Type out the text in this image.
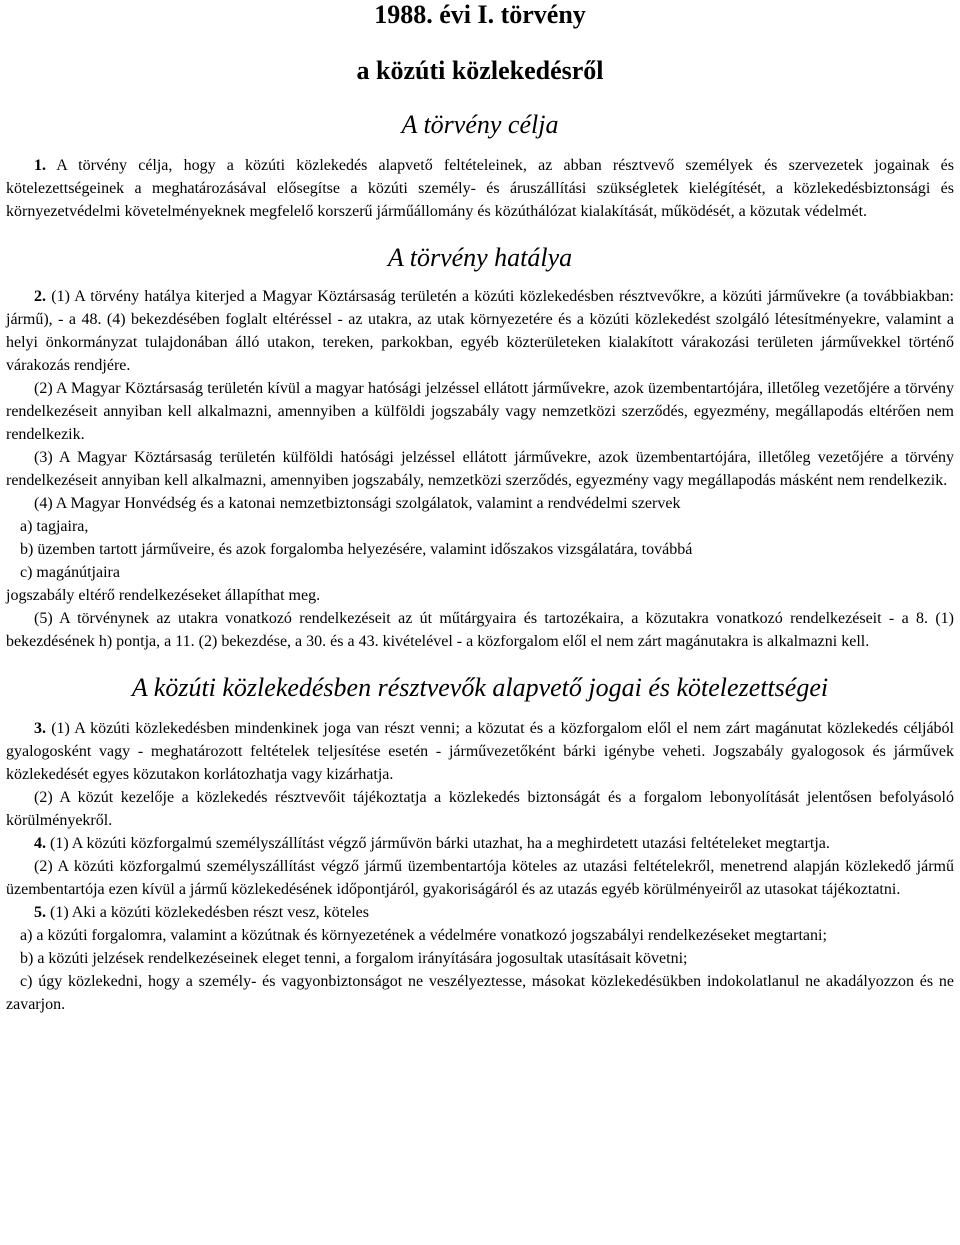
1988. évi I. törvény
a közúti közlekedésről
A törvény célja

1. A törvény célja, hogy a közúti közlekedés alapvető feltételeinek, az abban résztvevő személyek és szervezetek jogainak és kötelezettségeinek a meghatározásával elősegítse a közúti személy- és áruszállítási szükségletek kielégítését, a közlekedésbiztonsági és környezetvédelmi követelményeknek megfelelő korszerű járműállomány és közúthálózat kialakítását, működését, a közutak védelmét.

A törvény hatálya

2. (1) A törvény hatálya kiterjed a Magyar Köztársaság területén a közúti közlekedésben résztvevőkre, a közúti járművekre (a továbbiakban: jármű), - a 48. (4) bekezdésében foglalt eltéréssel - az utakra, az utak környezetére és a közúti közlekedést szolgáló létesítményekre, valamint a helyi önkormányzat tulajdonában álló utakon, tereken, parkokban, egyéb közterületeken kialakított várakozási területen járművekkel történő várakozás rendjére.

(2) A Magyar Köztársaság területén kívül a magyar hatósági jelzéssel ellátott járművekre, azok üzembentartójára, illetőleg vezetőjére a törvény rendelkezéseit annyiban kell alkalmazni, amennyiben a külföldi jogszabály vagy nemzetközi szerződés, egyezmény, megállapodás eltérően nem rendelkezik.

(3) A Magyar Köztársaság területén külföldi hatósági jelzéssel ellátott járművekre, azok üzembentartójára, illetőleg vezetőjére a törvény rendelkezéseit annyiban kell alkalmazni, amennyiben jogszabály, nemzetközi szerződés, egyezmény vagy megállapodás másként nem rendelkezik.

(4) A Magyar Honvédség és a katonai nemzetbiztonsági szolgálatok, valamint a rendvédelmi szervek

a) tagjaira,

b) üzemben tartott járműveire, és azok forgalomba helyezésére, valamint időszakos vizsgálatára, továbbá

c) magánútjaira

jogszabály eltérő rendelkezéseket állapíthat meg.

(5) A törvénynek az utakra vonatkozó rendelkezéseit az út műtárgyaira és tartozékaira, a közutakra vonatkozó rendelkezéseit - a 8. (1) bekezdésének h) pontja, a 11. (2) bekezdése, a 30. és a 43. kivételével - a közforgalom elől el nem zárt magánutakra is alkalmazni kell.

A közúti közlekedésben résztvevők alapvető jogai és kötelezettségei

3. (1) A közúti közlekedésben mindenkinek joga van részt venni; a közutat és a közforgalom elől el nem zárt magánutat közlekedés céljából gyalogosként vagy - meghatározott feltételek teljesítése esetén - járművezetőként bárki igénybe veheti. Jogszabály gyalogosok és járművek közlekedését egyes közutakon korlátozhatja vagy kizárhatja.

(2) A közút kezelője a közlekedés résztvevőit tájékoztatja a közlekedés biztonságát és a forgalom lebonyolítását jelentősen befolyásoló körülményekről.

4. (1) A közúti közforgalmú személyszállítást végző járművön bárki utazhat, ha a meghirdetett utazási feltételeket megtartja.

(2) A közúti közforgalmú személyszállítást végző jármű üzembentartója köteles az utazási feltételekről, menetrend alapján közlekedő jármű üzembentartója ezen kívül a jármű közlekedésének időpontjáról, gyakoriságáról és az utazás egyéb körülményeiről az utasokat tájékoztatni.

5. (1) Aki a közúti közlekedésben részt vesz, köteles

a) a közúti forgalomra, valamint a közútnak és környezetének a védelmére vonatkozó jogszabályi rendelkezéseket megtartani;

b) a közúti jelzések rendelkezéseinek eleget tenni, a forgalom irányítására jogosultak utasításait követni;

c) úgy közlekedni, hogy a személy- és vagyonbiztonságot ne veszélyeztesse, másokat közlekedésükben indokolatlanul ne akadályozzon és ne zavarjon.
